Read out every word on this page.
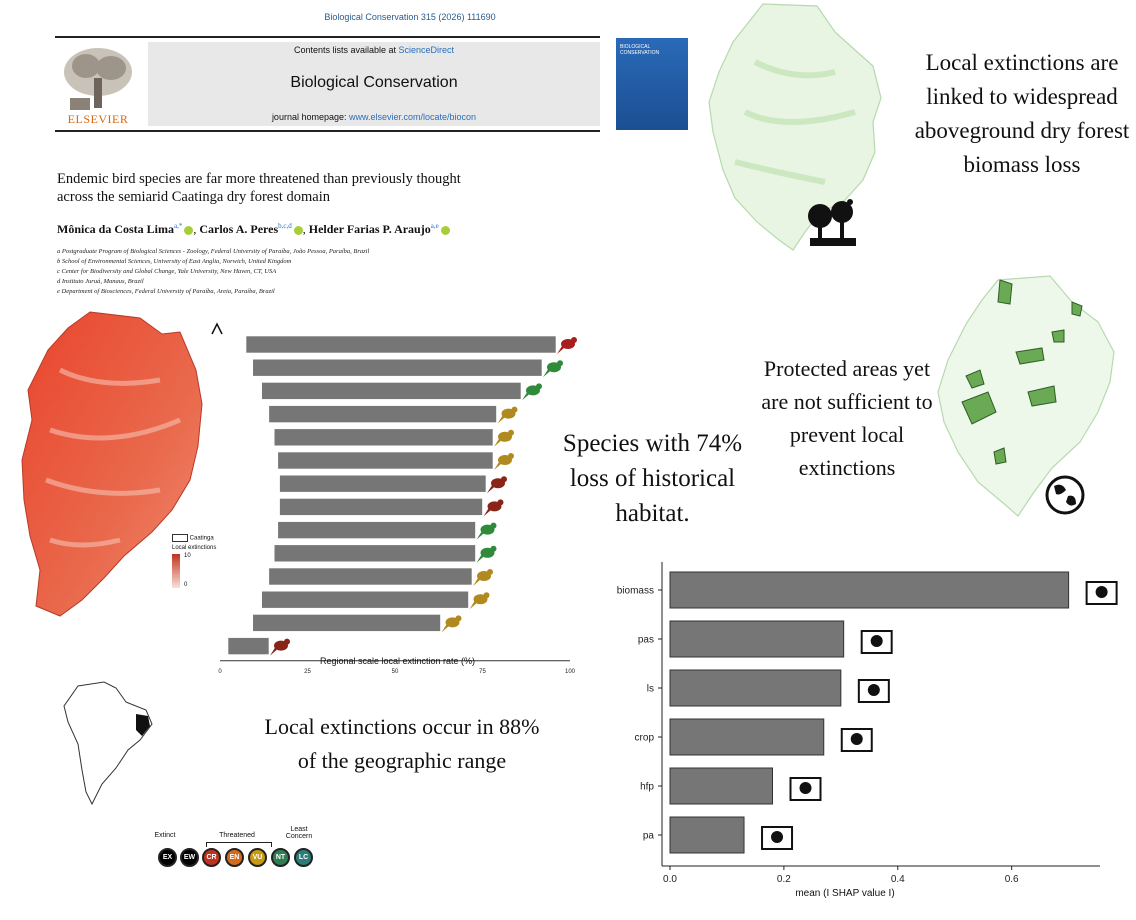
Biological Conservation 315 (2026) 111690
ELSEVIER
Contents lists available at ScienceDirect
Biological Conservation
journal homepage: www.elsevier.com/locate/biocon
BIOLOGICAL CONSERVATION
Endemic bird species are far more threatened than previously thought
across the semiarid Caatinga dry forest domain
Mônica da Costa Lima$^{a,*}$ , Carlos A. Peres$^{b,c,d}$ , Helder Farias P. Araujo$^{a,e}$
a Postgraduate Program of Biological Sciences - Zoology, Federal University of Paraíba, João Pessoa, Paraíba, Brazil
b School of Environmental Sciences, University of East Anglia, Norwich, United Kingdom
c Center for Biodiversity and Global Change, Yale University, New Haven, CT, USA
d Instituto Juruá, Manaus, Brazil
e Department of Biosciences, Federal University of Paraíba, Areia, Paraíba, Brazil
Local extinctions are linked to widespread aboveground dry forest biomass loss
Protected areas yet are not sufficient to prevent local extinctions
Species with 74% loss of historical habitat.
Local extinctions occur in 88% of the geographic range
Caatinga
Local extinctions
10
0
0	25	50	75	100
Regional scale local extinction rate (%)
Extinct	Threatened
Least Concern
EX	EW	CR	EN	VU	NT	LC
biomass
pas
ls
crop
hfp
pa
0.0	0.2	0.4	0.6
mean (I SHAP value I)
